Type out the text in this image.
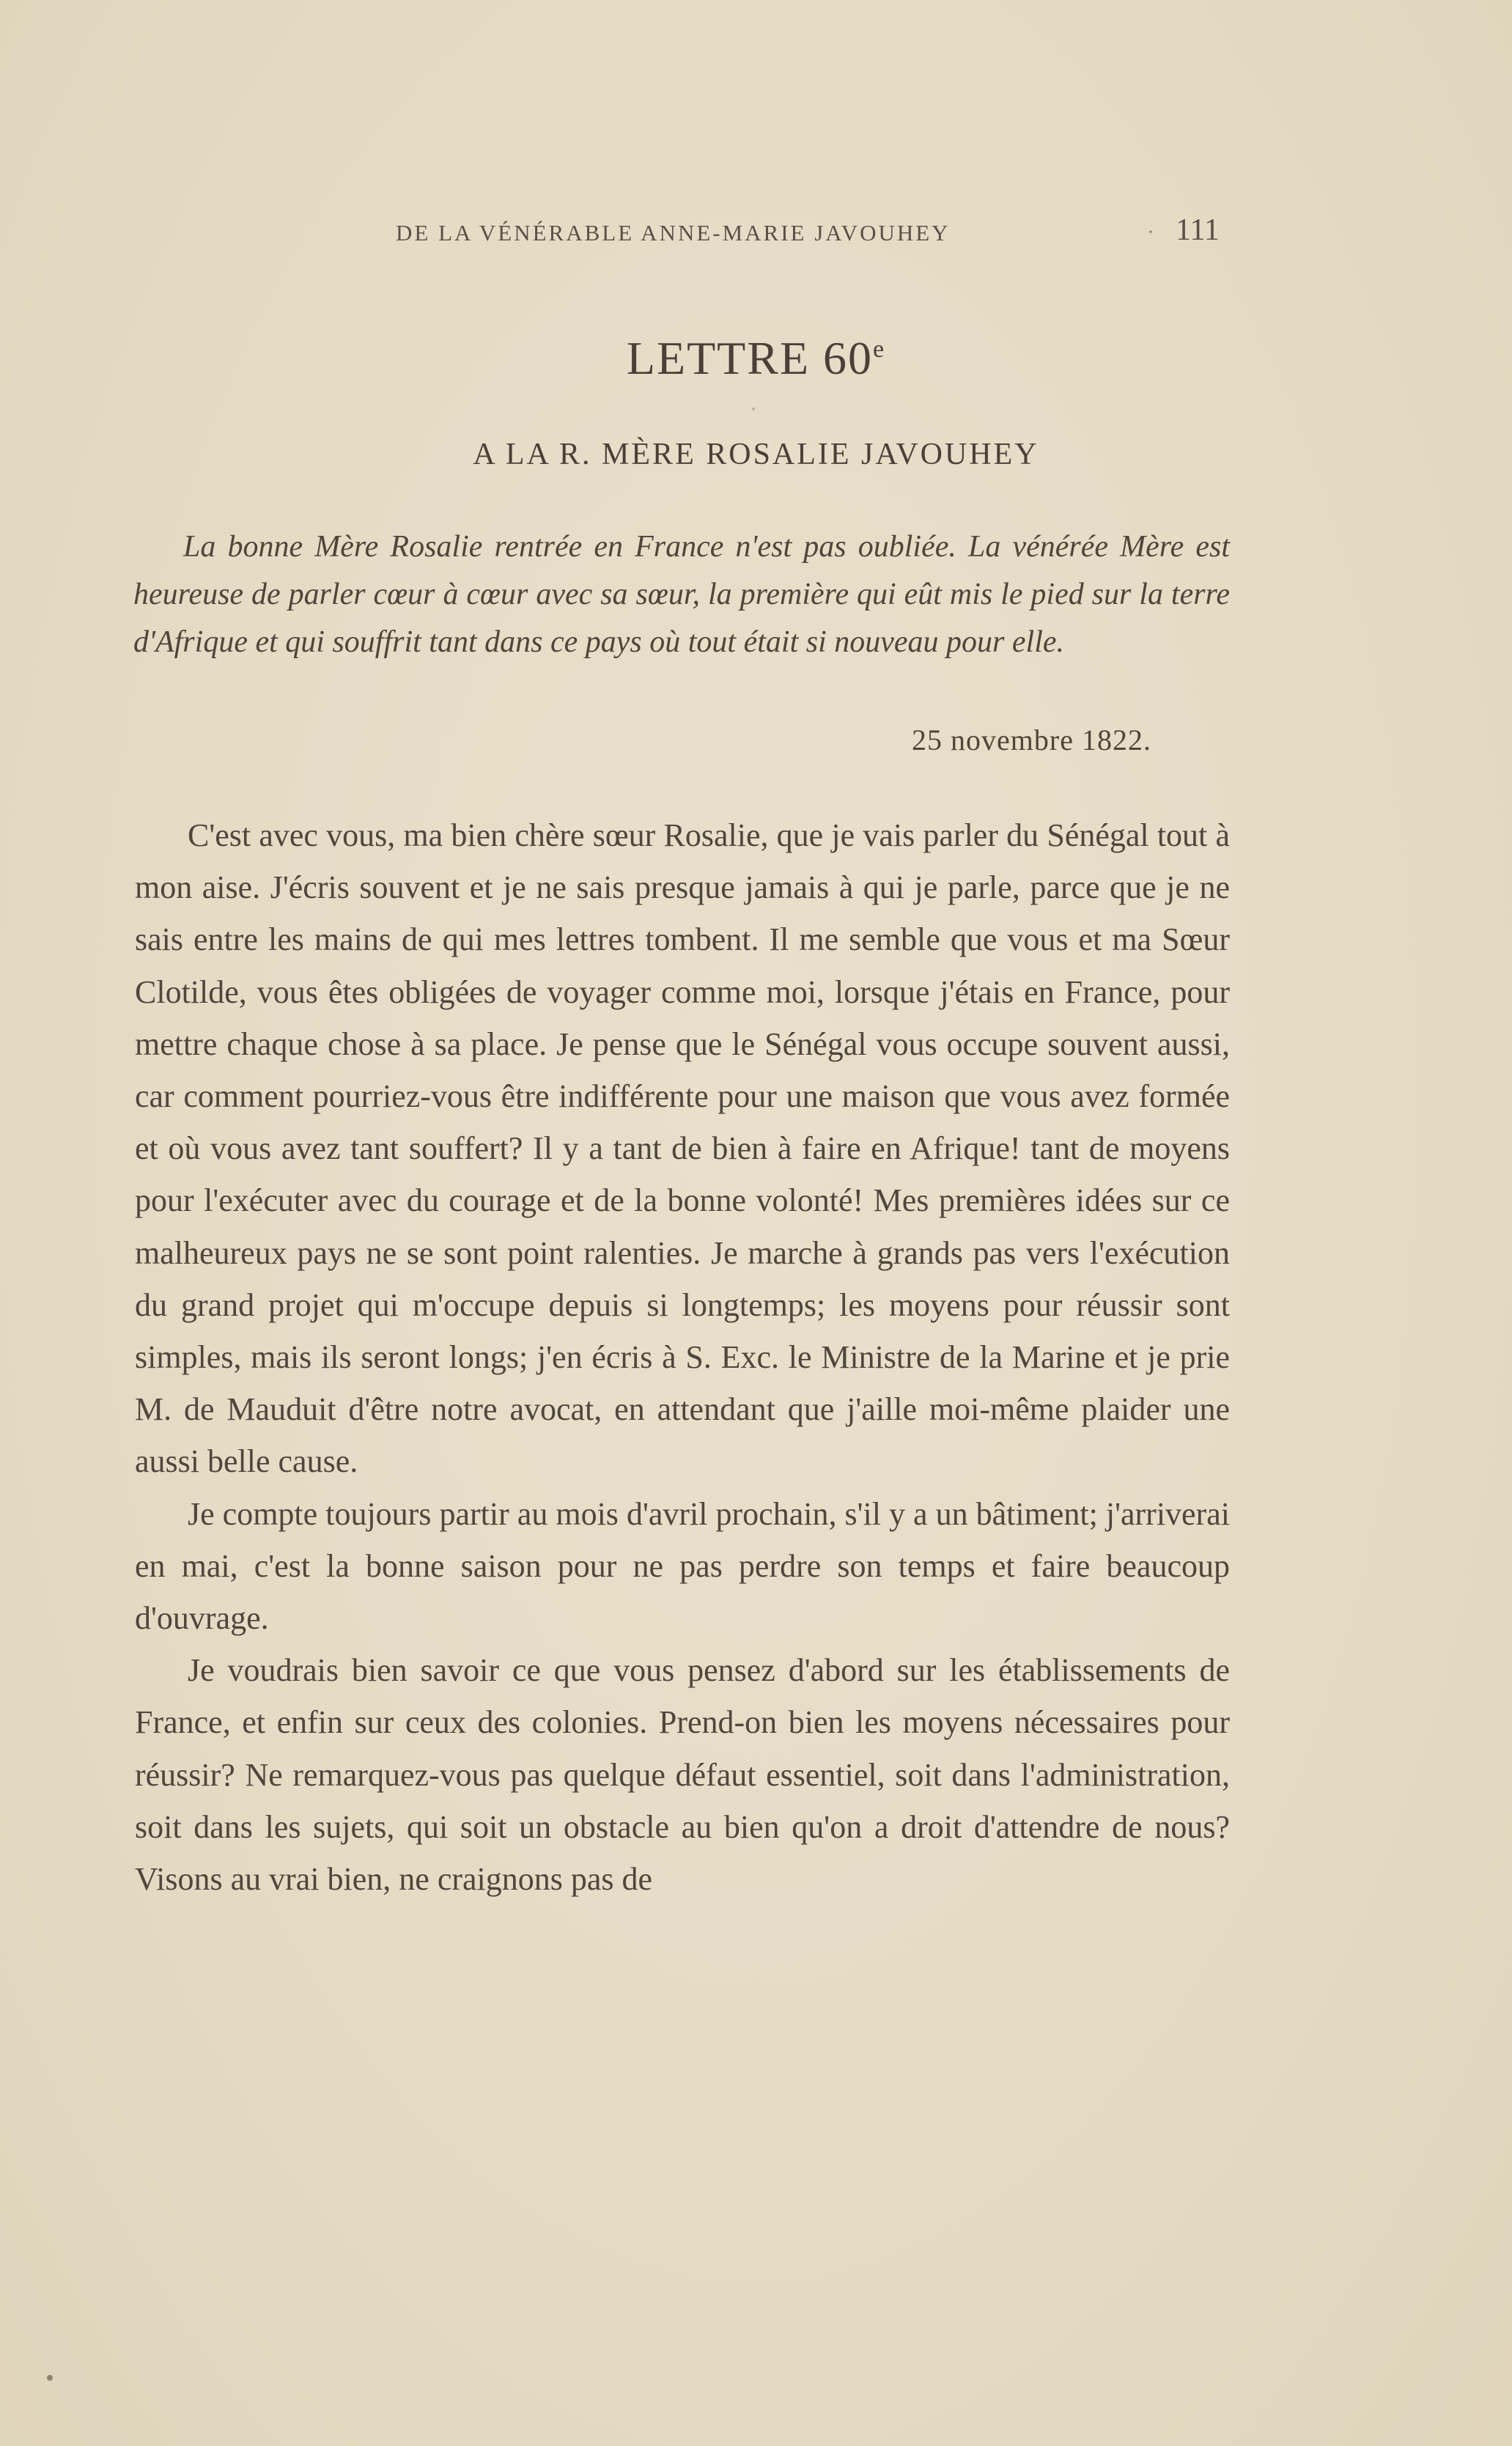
DE LA VÉNÉRABLE ANNE-MARIE JAVOUHEY	· 111
LETTRE 60e
A LA R. MÈRE ROSALIE JAVOUHEY

La bonne Mère Rosalie rentrée en France n'est pas oubliée. La vénérée Mère est heureuse de parler cœur à cœur avec sa sœur, la première qui eût mis le pied sur la terre d'Afrique et qui souffrit tant dans ce pays où tout était si nouveau pour elle.

25 novembre 1822.

C'est avec vous, ma bien chère sœur Rosalie, que je vais parler du Sénégal tout à mon aise. J'écris souvent et je ne sais presque jamais à qui je parle, parce que je ne sais entre les mains de qui mes lettres tombent. Il me semble que vous et ma Sœur Clotilde, vous êtes obligées de voyager comme moi, lorsque j'étais en France, pour mettre chaque chose à sa place. Je pense que le Sénégal vous occupe souvent aussi, car comment pourriez-vous être indifférente pour une maison que vous avez formée et où vous avez tant souffert? Il y a tant de bien à faire en Afrique! tant de moyens pour l'exécuter avec du courage et de la bonne volonté! Mes premières idées sur ce malheureux pays ne se sont point ralenties. Je marche à grands pas vers l'exécution du grand projet qui m'occupe depuis si longtemps; les moyens pour réussir sont simples, mais ils seront longs; j'en écris à S. Exc. le Ministre de la Marine et je prie M. de Mauduit d'être notre avocat, en attendant que j'aille moi-même plaider une aussi belle cause.

Je compte toujours partir au mois d'avril prochain, s'il y a un bâtiment; j'arriverai en mai, c'est la bonne saison pour ne pas perdre son temps et faire beaucoup d'ouvrage.

Je voudrais bien savoir ce que vous pensez d'abord sur les établissements de France, et enfin sur ceux des colonies. Prend-on bien les moyens nécessaires pour réussir? Ne remarquez-vous pas quelque défaut essentiel, soit dans l'administration, soit dans les sujets, qui soit un obstacle au bien qu'on a droit d'attendre de nous? Visons au vrai bien, ne craignons pas de
